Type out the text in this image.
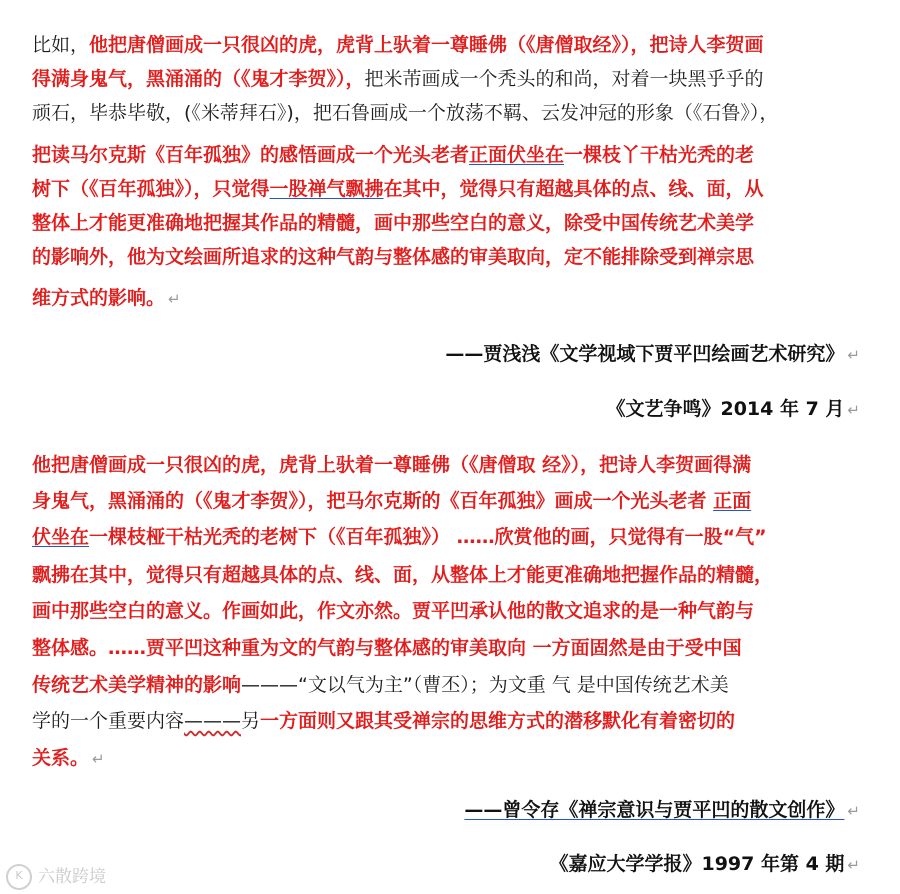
比如，他把唐僧画成一只很凶的虎，虎背上驮着一尊睡佛（《唐僧取经》），把诗人李贺画
得满身鬼气，黑涌涌的（《鬼才李贺》），把米芾画成一个秃头的和尚，对着一块黑乎乎的
顽石，毕恭毕敬，(《米蒂拜石》)，把石鲁画成一个放荡不羁、云发冲冠的形象（《石鲁》），
把读马尔克斯《百年孤独》的感悟画成一个光头老者正面伏坐在一棵枝丫干枯光秃的老
树下（《百年孤独》），只觉得一股禅气飘拂在其中，觉得只有超越具体的点、线、面，从
整体上才能更准确地把握其作品的精髓，画中那些空白的意义，除受中国传统艺术美学
的影响外，他为文绘画所追求的这种气韵与整体感的审美取向，定不能排除受到禅宗思
维方式的影响。 ↵
——贾浅浅《文学视域下贾平凹绘画艺术研究》 ↵
《文艺争鸣》2014 年 7 月 ↵
他把唐僧画成一只很凶的虎，虎背上驮着一尊睡佛（《唐僧取 经》），把诗人李贺画得满
身鬼气，黑涌涌的（《鬼才李贺》），把马尔克斯的《百年孤独》画成一个光头老者 正面
伏坐在一棵枝桠干枯光秃的老树下（《百年孤独》） ……欣赏他的画，只觉得有一股“气”
飘拂在其中，觉得只有超越具体的点、线、面，从整体上才能更准确地把握作品的精髓，
画中那些空白的意义。作画如此，作文亦然。贾平凹承认他的散文追求的是一种气韵与
整体感。……贾平凹这种重为文的气韵与整体感的审美取向 一方面固然是由于受中国
传统艺术美学精神的影响———“文以气为主”（曹丕）；为文重 气 是中国传统艺术美
学的一个重要内容———另一方面则又跟其受禅宗的思维方式的潜移默化有着密切的
关系。 ↵
——曾令存《禅宗意识与贾平凹的散文创作》 ↵
《嘉应大学学报》1997 年第 4 期 ↵
K 六散跨境
